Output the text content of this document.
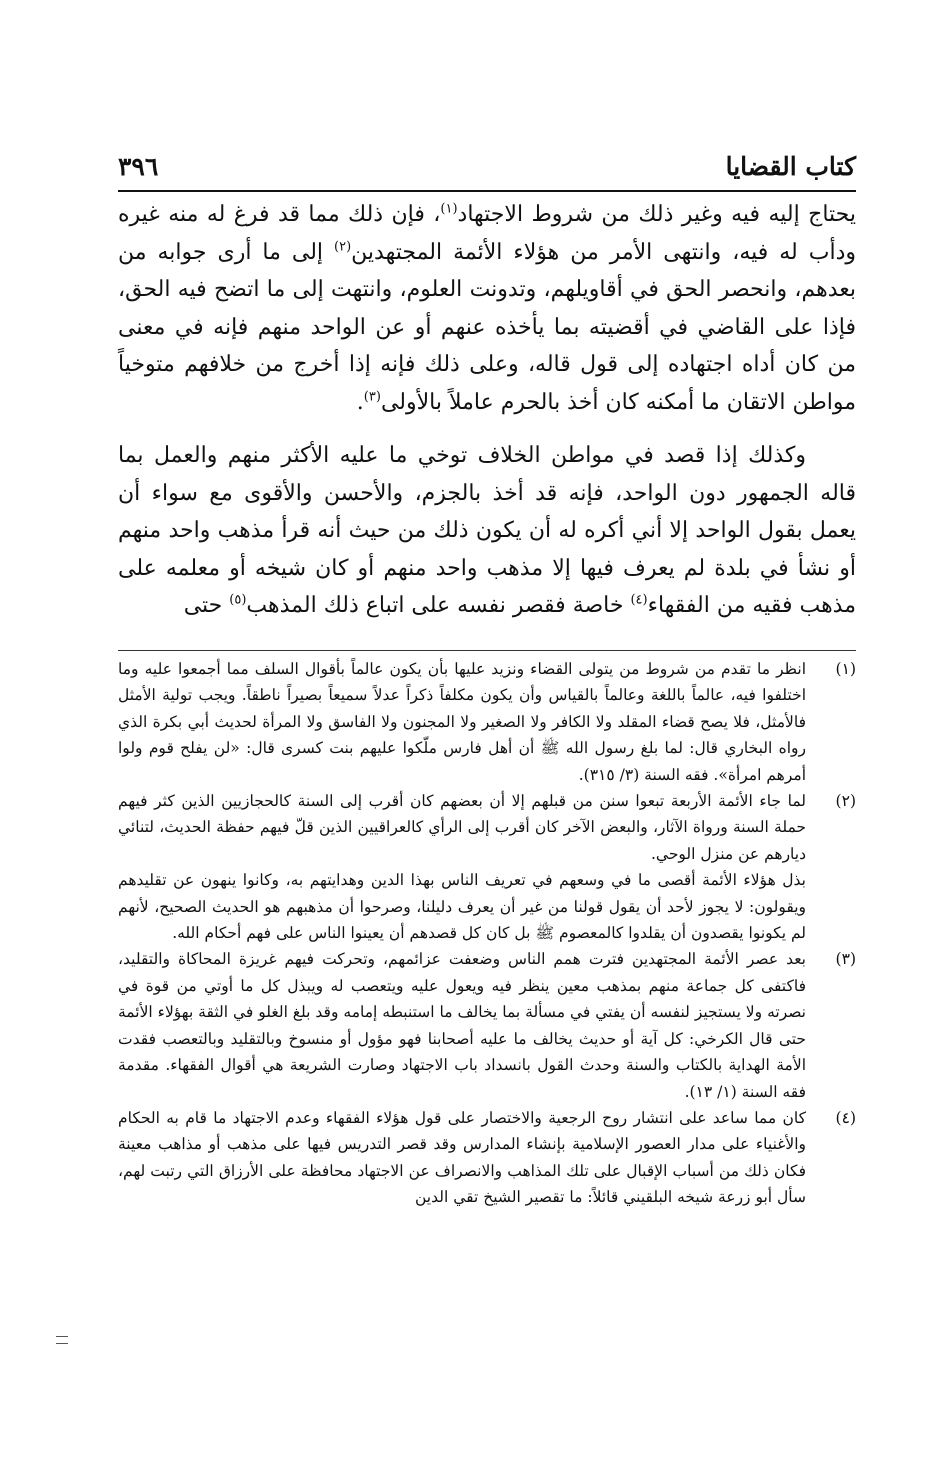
كتاب القضايا
٣٩٦

يحتاج إليه فيه وغير ذلك من شروط الاجتهاد$^{(١)}$، فإن ذلك مما قد فرغ له منه غيره ودأب له فيه، وانتهى الأمر من هؤلاء الأئمة المجتهدين$^{(٢)}$ إلى ما أرى جوابه من بعدهم، وانحصر الحق في أقاويلهم، وتدونت العلوم، وانتهت إلى ما اتضح فيه الحق، فإذا على القاضي في أقضيته بما يأخذه عنهم أو عن الواحد منهم فإنه في معنى من كان أداه اجتهاده إلى قول قاله، وعلى ذلك فإنه إذا أخرج من خلافهم متوخياً مواطن الاتقان ما أمكنه كان أخذ بالحرم عاملاً بالأولى$^{(٣)}$.

وكذلك إذا قصد في مواطن الخلاف توخي ما عليه الأكثر منهم والعمل بما قاله الجمهور دون الواحد، فإنه قد أخذ بالجزم، والأحسن والأقوى مع سواء أن يعمل بقول الواحد إلا أني أكره له أن يكون ذلك من حيث أنه قرأ مذهب واحد منهم أو نشأ في بلدة لم يعرف فيها إلا مذهب واحد منهم أو كان شيخه أو معلمه على مذهب فقيه من الفقهاء$^{(٤)}$ خاصة فقصر نفسه على اتباع ذلك المذهب$^{(٥)}$ حتى

(١)

انظر ما تقدم من شروط من يتولى القضاء ونزيد عليها بأن يكون عالماً بأقوال السلف مما أجمعوا عليه وما اختلفوا فيه، عالماً باللغة وعالماً بالقياس وأن يكون مكلفاً ذكراً عدلاً سميعاً بصيراً ناطقاً. ويجب تولية الأمثل فالأمثل، فلا يصح قضاء المقلد ولا الكافر ولا الصغير ولا المجنون ولا الفاسق ولا المرأة لحديث أبي بكرة الذي رواه البخاري قال: لما بلغ رسول الله ﷺ أن أهل فارس ملّكوا عليهم بنت كسرى قال: «لن يفلح قوم ولوا أمرهم امرأة». فقه السنة (٣/ ٣١٥).

(٢)

لما جاء الأئمة الأربعة تبعوا سنن من قبلهم إلا أن بعضهم كان أقرب إلى السنة كالحجازيين الذين كثر فيهم حملة السنة ورواة الآثار، والبعض الآخر كان أقرب إلى الرأي كالعراقيين الذين قلّ فيهم حفظة الحديث، لتنائي ديارهم عن منزل الوحي.

بذل هؤلاء الأئمة أقصى ما في وسعهم في تعريف الناس بهذا الدين وهدايتهم به، وكانوا ينهون عن تقليدهم ويقولون: لا يجوز لأحد أن يقول قولنا من غير أن يعرف دليلنا، وصرحوا أن مذهبهم هو الحديث الصحيح، لأنهم لم يكونوا يقصدون أن يقلدوا كالمعصوم ﷺ بل كان كل قصدهم أن يعينوا الناس على فهم أحكام الله.

(٣)

بعد عصر الأئمة المجتهدين فترت همم الناس وضعفت عزائمهم، وتحركت فيهم غريزة المحاكاة والتقليد، فاكتفى كل جماعة منهم بمذهب معين ينظر فيه ويعول عليه ويتعصب له ويبذل كل ما أوتي من قوة في نصرته ولا يستجيز لنفسه أن يفتي في مسألة بما يخالف ما استنبطه إمامه وقد بلغ الغلو في الثقة بهؤلاء الأئمة حتى قال الكرخي: كل آية أو حديث يخالف ما عليه أصحابنا فهو مؤول أو منسوخ وبالتقليد وبالتعصب فقدت الأمة الهداية بالكتاب والسنة وحدث القول بانسداد باب الاجتهاد وصارت الشريعة هي أقوال الفقهاء. مقدمة فقه السنة (١/ ١٣).

(٤)

كان مما ساعد على انتشار روح الرجعية والاختصار على قول هؤلاء الفقهاء وعدم الاجتهاد ما قام به الحكام والأغنياء على مدار العصور الإسلامية بإنشاء المدارس وقد قصر التدريس فيها على مذهب أو مذاهب معينة فكان ذلك من أسباب الإقبال على تلك المذاهب والانصراف عن الاجتهاد محافظة على الأرزاق التي رتبت لهم، سأل أبو زرعة شيخه البلقيني قائلاً: ما تقصير الشيخ تقي الدين
